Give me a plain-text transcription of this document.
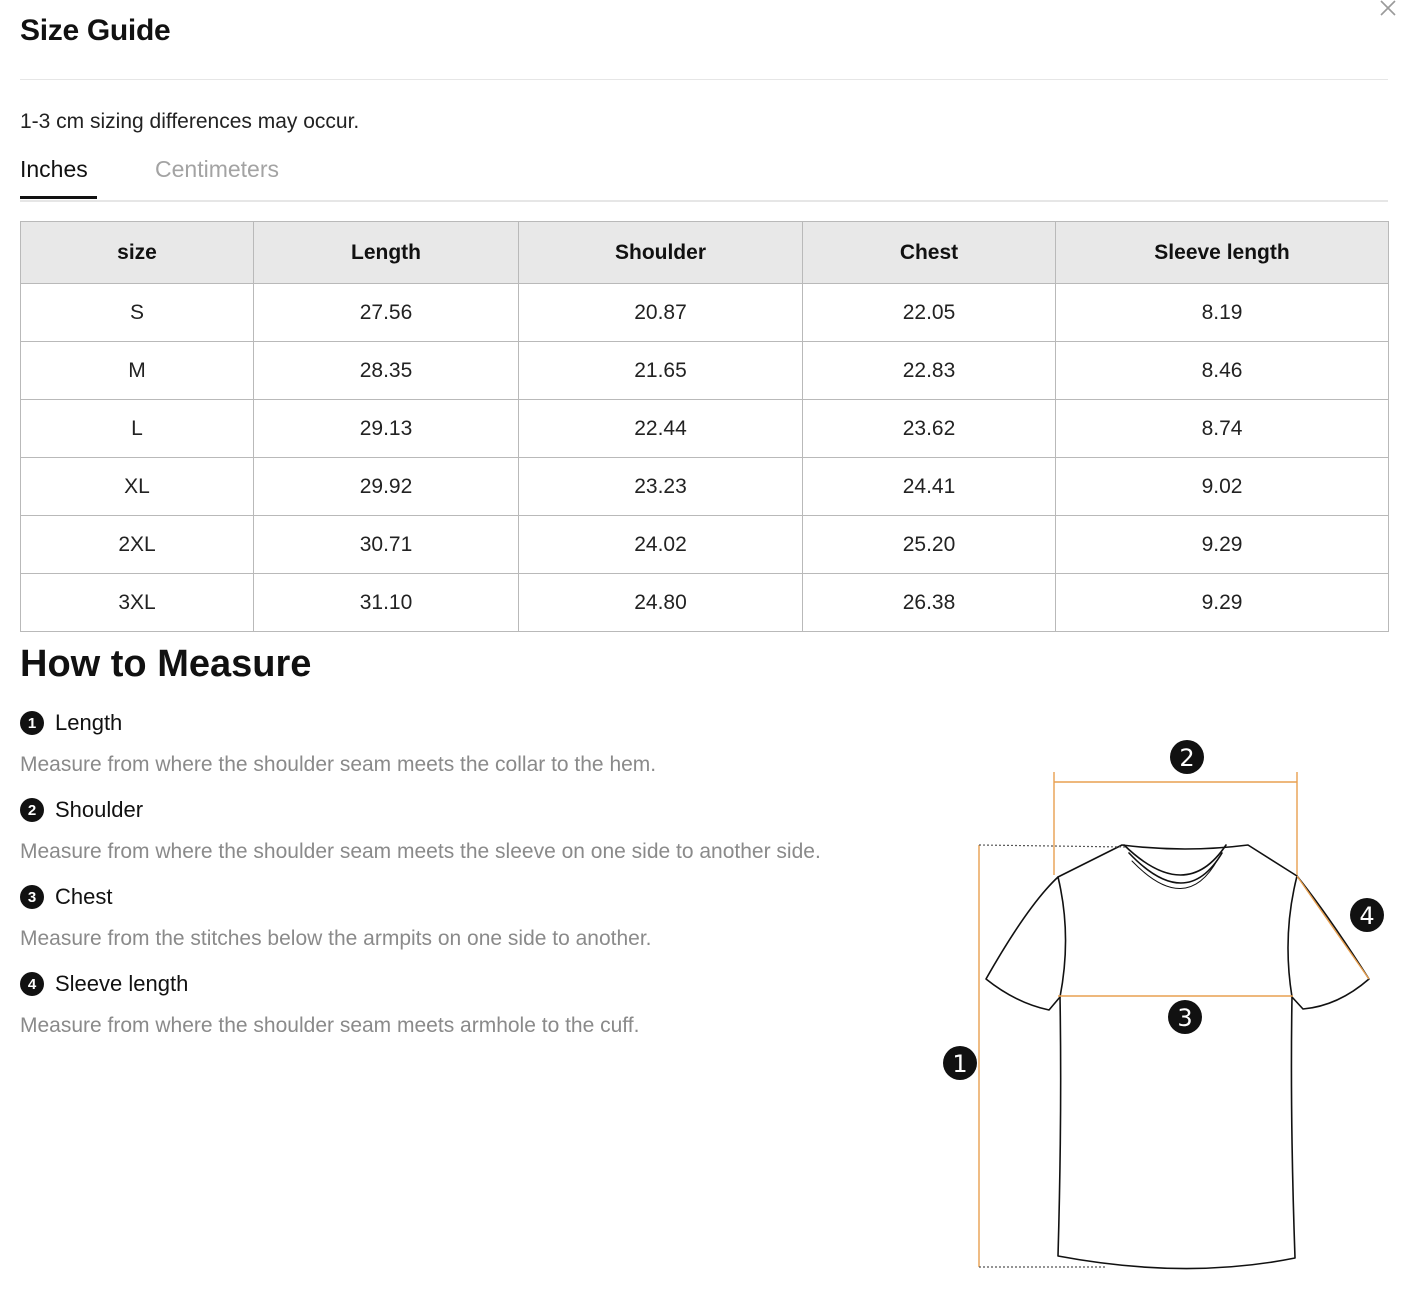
Size Guide
1-3 cm sizing differences may occur.
Inches	Centimeters
size	Length	Shoulder	Chest	Sleeve length
S	27.56	20.87	22.05	8.19
M	28.35	21.65	22.83	8.46
L	29.13	22.44	23.62	8.74
XL	29.92	23.23	24.41	9.02
2XL	30.71	24.02	25.20	9.29
3XL	31.10	24.80	26.38	9.29
How to Measure
1 Length
Measure from where the shoulder seam meets the collar to the hem.
2 Shoulder
Measure from where the shoulder seam meets the sleeve on one side to another side.
3 Chest
Measure from the stitches below the armpits on one side to another.
4 Sleeve length
Measure from where the shoulder seam meets armhole to the cuff.
1
2
3
4
